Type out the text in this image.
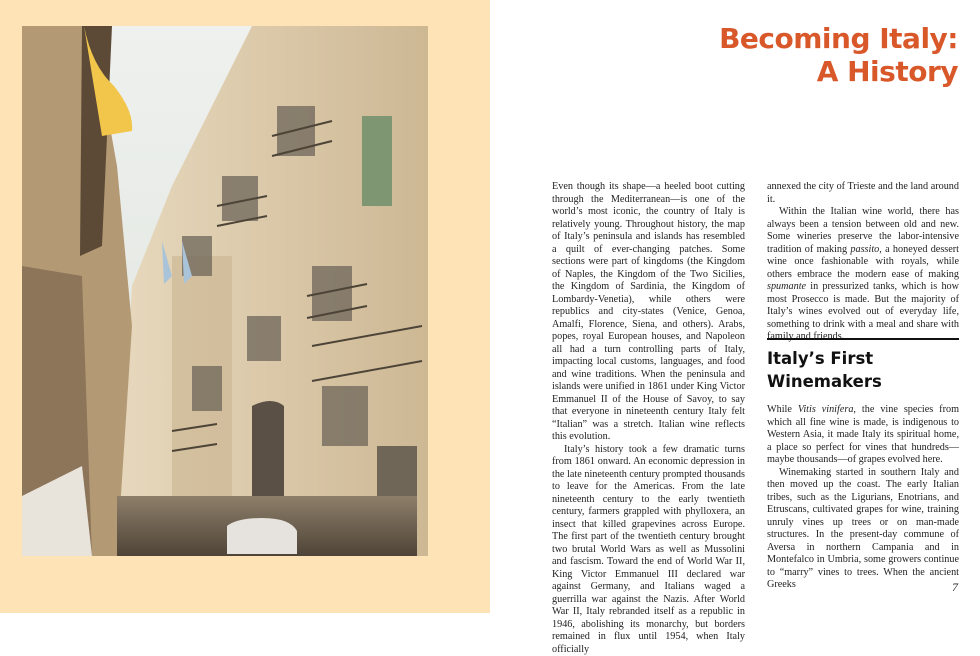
Becoming Italy:
A History

Even though its shape—a heeled boot cutting through the Mediterranean—is one of the world’s most iconic, the country of Italy is relatively young. Throughout history, the map of Italy’s peninsula and islands has resembled a quilt of ever-changing patches. Some sections were part of kingdoms (the Kingdom of Naples, the Kingdom of the Two Sicilies, the Kingdom of Sardinia, the Kingdom of Lombardy-Venetia), while others were republics and city-states (Venice, Genoa, Amalfi, Florence, Siena, and others). Arabs, popes, royal European houses, and Napoleon all had a turn controlling parts of Italy, impacting local customs, languages, and food and wine traditions. When the peninsula and islands were unified in 1861 under King Victor Emmanuel II of the House of Savoy, to say that everyone in nineteenth century Italy felt “Italian” was a stretch. Italian wine reflects this evolution.

Italy’s history took a few dramatic turns from 1861 onward. An economic depression in the late nineteenth century prompted thousands to leave for the Americas. From the late nineteenth century to the early twentieth century, farmers grappled with phylloxera, an insect that killed grapevines across Europe. The first part of the twentieth century brought two brutal World Wars as well as Mussolini and fascism. Toward the end of World War II, King Victor Emmanuel III declared war against Germany, and Italians waged a guerrilla war against the Nazis. After World War II, Italy rebranded itself as a republic in 1946, abolishing its monarchy, but borders remained in flux until 1954, when Italy officially

annexed the city of Trieste and the land around it.

Within the Italian wine world, there has always been a tension between old and new. Some wineries preserve the labor-intensive tradition of making passito, a honeyed dessert wine once fashionable with royals, while others embrace the modern ease of making spumante in pressurized tanks, which is how most Prosecco is made. But the majority of Italy’s wines evolved out of everyday life, something to drink with a meal and share with family and friends.

Italy’s First
Winemakers

While Vitis vinifera, the vine species from which all fine wine is made, is indigenous to Western Asia, it made Italy its spiritual home, a place so perfect for vines that hundreds—maybe thousands—of grapes evolved here.

Winemaking started in southern Italy and then moved up the coast. The early Italian tribes, such as the Ligurians, Enotrians, and Etruscans, cultivated grapes for wine, training unruly vines up trees or on man-made structures. In the present-day commune of Aversa in northern Campania and in Montefalco in Umbria, some growers continue to “marry” vines to trees. When the ancient Greeks	7
